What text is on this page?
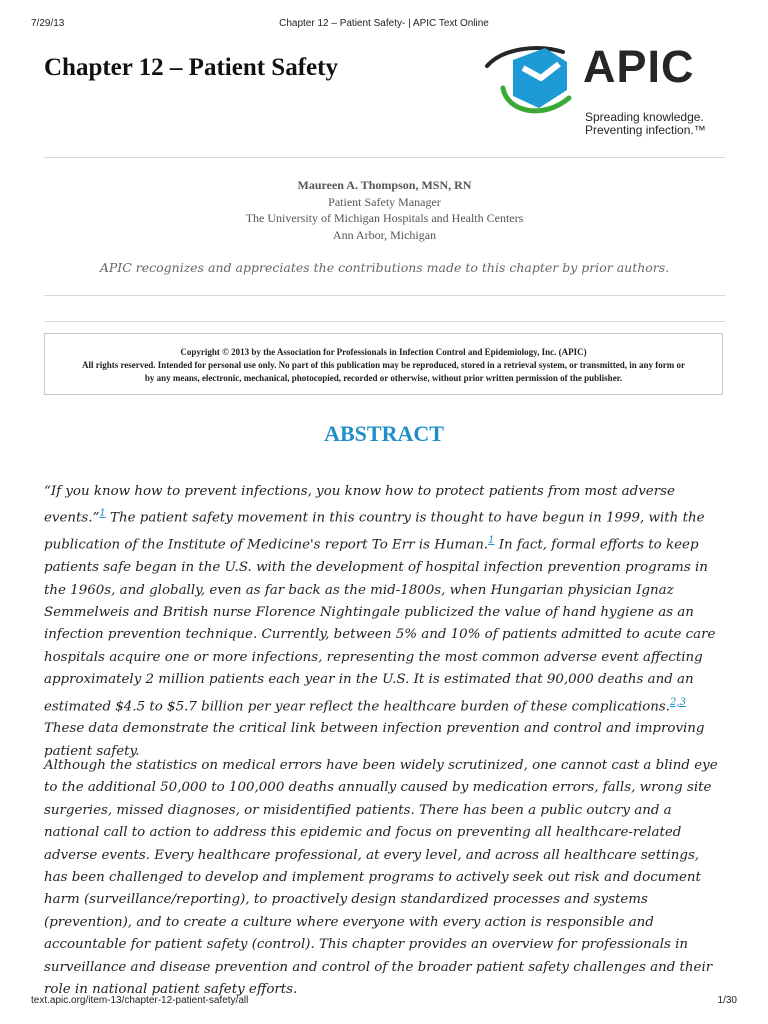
7/29/13	Chapter 12 – Patient Safety- | APIC Text Online
Chapter 12 – Patient Safety	APIC
Spreading knowledge.
Preventing infection.™
Maureen A. Thompson, MSN, RN
Patient Safety Manager
The University of Michigan Hospitals and Health Centers
Ann Arbor, Michigan
APIC recognizes and appreciates the contributions made to this chapter by prior authors.
Copyright © 2013 by the Association for Professionals in Infection Control and Epidemiology, Inc. (APIC)
All rights reserved. Intended for personal use only. No part of this publication may be reproduced, stored in a retrieval system, or transmitted, in any form or
by any means, electronic, mechanical, photocopied, recorded or otherwise, without prior written permission of the publisher.
ABSTRACT

“If you know how to prevent infections, you know how to protect patients from most adverse events.”$^1$ The patient safety movement in this country is thought to have begun in 1999, with the publication of the Institute of Medicine's report To Err is Human.$^1$ In fact, formal efforts to keep patients safe began in the U.S. with the development of hospital infection prevention programs in the 1960s, and globally, even as far back as the mid-1800s, when Hungarian physician Ignaz Semmelweis and British nurse Florence Nightingale publicized the value of hand hygiene as an infection prevention technique. Currently, between 5% and 10% of patients admitted to acute care hospitals acquire one or more infections, representing the most common adverse event affecting approximately 2 million patients each year in the U.S. It is estimated that 90,000 deaths and an estimated $4.5 to $5.7 billion per year reflect the healthcare burden of these complications.$^{2,3}$ These data demonstrate the critical link between infection prevention and control and improving patient safety.

Although the statistics on medical errors have been widely scrutinized, one cannot cast a blind eye to the additional 50,000 to 100,000 deaths annually caused by medication errors, falls, wrong site surgeries, missed diagnoses, or misidentified patients. There has been a public outcry and a national call to action to address this epidemic and focus on preventing all healthcare-related adverse events. Every healthcare professional, at every level, and across all healthcare settings, has been challenged to develop and implement programs to actively seek out risk and document harm (surveillance/reporting), to proactively design standardized processes and systems (prevention), and to create a culture where everyone with every action is responsible and accountable for patient safety (control). This chapter provides an overview for professionals in surveillance and disease prevention and control of the broader patient safety challenges and their role in national patient safety efforts.

text.apic.org/item-13/chapter-12-patient-safety/all	1/30
